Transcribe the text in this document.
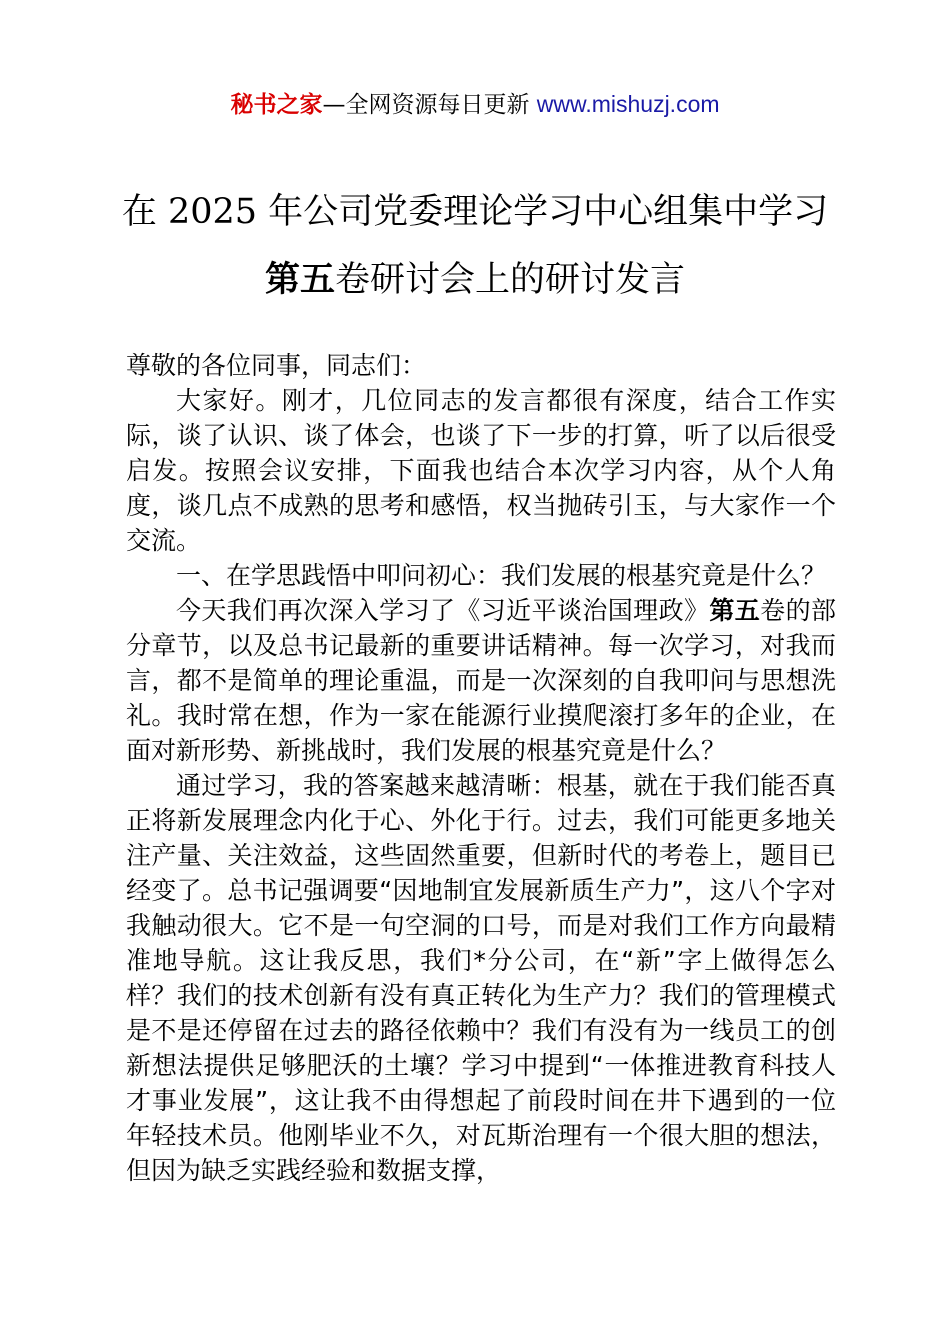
秘书之家—全网资源每日更新 www.mishuzj.com
在 2025 年公司党委理论学习中心组集中学习
第五卷研讨会上的研讨发言

尊敬的各位同事，同志们：

大家好。刚才，几位同志的发言都很有深度，结合工作实际，谈了认识、谈了体会，也谈了下一步的打算，听了以后很受启发。按照会议安排，下面我也结合本次学习内容，从个人角度，谈几点不成熟的思考和感悟，权当抛砖引玉，与大家作一个交流。

一、在学思践悟中叩问初心：我们发展的根基究竟是什么？

今天我们再次深入学习了《习近平谈治国理政》第五卷的部分章节，以及总书记最新的重要讲话精神。每一次学习，对我而言，都不是简单的理论重温，而是一次深刻的自我叩问与思想洗礼。我时常在想，作为一家在能源行业摸爬滚打多年的企业，在面对新形势、新挑战时，我们发展的根基究竟是什么？

通过学习，我的答案越来越清晰：根基，就在于我们能否真正将新发展理念内化于心、外化于行。过去，我们可能更多地关注产量、关注效益，这些固然重要，但新时代的考卷上，题目已经变了。总书记强调要“因地制宜发展新质生产力”，这八个字对我触动很大。它不是一句空洞的口号，而是对我们工作方向最精准地导航。这让我反思，我们*分公司，在“新”字上做得怎么样？我们的技术创新有没有真正转化为生产力？我们的管理模式是不是还停留在过去的路径依赖中？我们有没有为一线员工的创新想法提供足够肥沃的土壤？学习中提到“一体推进教育科技人才事业发展”，这让我不由得想起了前段时间在井下遇到的一位年轻技术员。他刚毕业不久，对瓦斯治理有一个很大胆的想法，但因为缺乏实践经验和数据支撑，
